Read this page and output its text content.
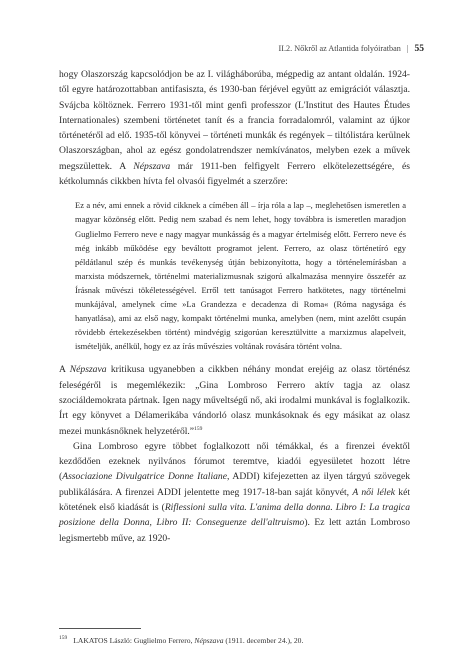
II.2. Nőkről az Atlantida folyóiratban | 55

hogy Olaszország kapcsolódjon be az I. világháborúba, mégpedig az antant oldalán. 1924-től egyre határozottabban antifasiszta, és 1930-ban férjével együtt az emigrációt választja. Svájcba költöznek. Ferrero 1931-től mint genfi professzor (L'Institut des Hautes Études Internationales) szembeni történetet tanít és a francia forradalomról, valamint az újkor történetéről ad elő. 1935-től könyvei – történeti munkák és regények – tiltólistára kerülnek Olaszországban, ahol az egész gondolatrendszer nemkívánatos, melyben ezek a művek megszülettek. A Népszava már 1911-ben felfigyelt Ferrero elkötelezettségére, és kétkolumnás cikkben hívta fel olvasói figyelmét a szerzőre:

Ez a név, ami ennek a rövid cikknek a címében áll – írja róla a lap –, meglehetősen ismeretlen a magyar közönség előtt. Pedig nem szabad és nem lehet, hogy továbbra is ismeretlen maradjon Guglielmo Ferrero neve e nagy magyar munkásság és a magyar értelmiség előtt. Ferrero neve és még inkább működése egy beváltott programot jelent. Ferrero, az olasz történetíró egy példátlanul szép és munkás tevékenység útján bebizonyította, hogy a történelemírásban a marxista módszernek, történelmi materializmusnak szigorú alkalmazása mennyire összefér az Írásnak művészi tökéletességével. Erről tett tanúsagot Ferrero hatkötetes, nagy történelmi munkájával, amelynek címe »La Grandezza e decadenza di Roma« (Róma nagysága és hanyatlása), ami az első nagy, kompakt történelmi munka, amelyben (nem, mint azelőtt csupán rövidebb értekezésekben történt) mindvégig szigorúan keresztülvitte a marxizmus alapelveit, ismételjük, anélkül, hogy ez az írás művészies voltának rovására történt volna.

A Népszava kritikusa ugyanebben a cikkben néhány mondat erejéig az olasz történész feleségéről is megemlékezik: „Gina Lombroso Ferrero aktív tagja az olasz szociáldemokrata pártnak. Igen nagy műveltségű nő, aki irodalmi munkával is foglalkozik. Írt egy könyvet a Délamerikába vándorló olasz munkásoknak és egy másikat az olasz mezei munkásnőknek helyzetéről.”$^{159}$

Gina Lombroso egyre többet foglalkozott női témákkal, és a firenzei évektől kezdődően ezeknek nyilvános fórumot teremtve, kiadói egyesületet hozott létre (Associazione Divulgatrice Donne Italiane, ADDI) kifejezetten az ilyen tárgyú szövegek publikálására. A firenzei ADDI jelentette meg 1917-18-ban saját könyvét, A női lélek két kötetének első kiadását is (Riflessioni sulla vita. L'anima della donna. Libro I: La tragica posizione della Donna, Libro II: Conseguenze dell'altruismo). Ez lett aztán Lombroso legismertebb műve, az 1920-

$^{159}$ LAKATOS László: Guglielmo Ferrero, Népszava (1911. december 24.), 20.
